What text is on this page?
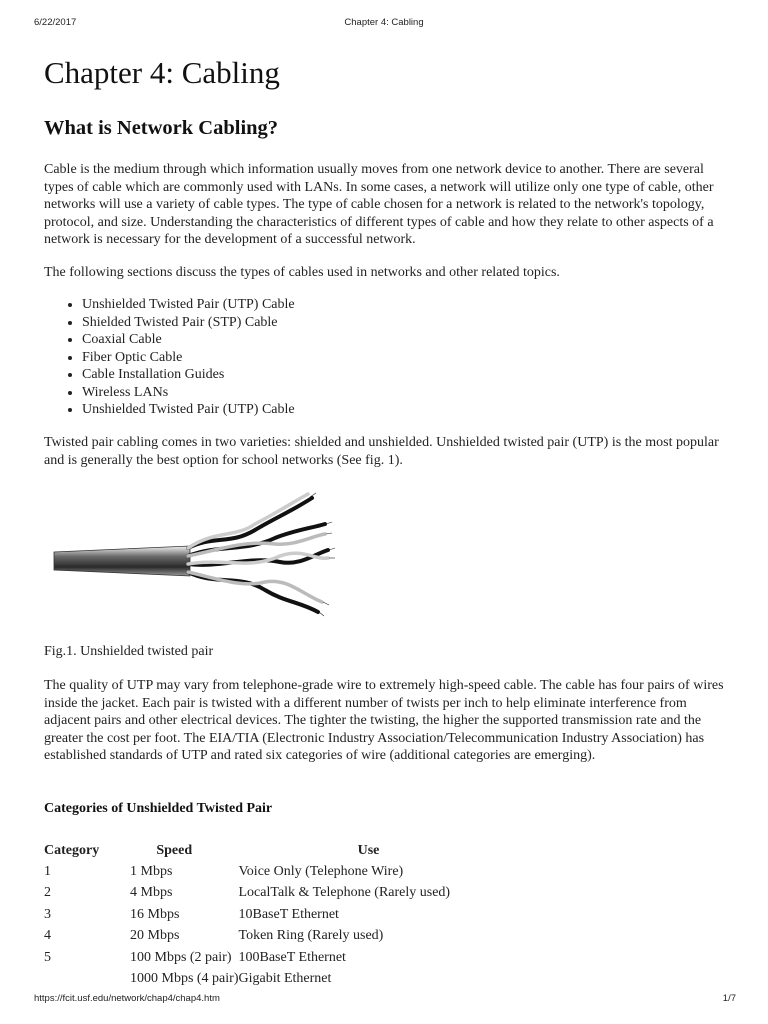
6/22/2017	Chapter 4: Cabling
Chapter 4: Cabling
What is Network Cabling?

Cable is the medium through which information usually moves from one network device to another. There are several types of cable which are commonly used with LANs. In some cases, a network will utilize only one type of cable, other networks will use a variety of cable types. The type of cable chosen for a network is related to the network's topology, protocol, and size. Understanding the characteristics of different types of cable and how they relate to other aspects of a network is necessary for the development of a successful network.

The following sections discuss the types of cables used in networks and other related topics.

• Unshielded Twisted Pair (UTP) Cable
• Shielded Twisted Pair (STP) Cable
• Coaxial Cable
• Fiber Optic Cable
• Cable Installation Guides
• Wireless LANs
• Unshielded Twisted Pair (UTP) Cable

Twisted pair cabling comes in two varieties: shielded and unshielded. Unshielded twisted pair (UTP) is the most popular and is generally the best option for school networks (See fig. 1).

Fig.1. Unshielded twisted pair

The quality of UTP may vary from telephone-grade wire to extremely high-speed cable. The cable has four pairs of wires inside the jacket. Each pair is twisted with a different number of twists per inch to help eliminate interference from adjacent pairs and other electrical devices. The tighter the twisting, the higher the supported transmission rate and the greater the cost per foot. The EIA/TIA (Electronic Industry Association/Telecommunication Industry Association) has established standards of UTP and rated six categories of wire (additional categories are emerging).

Categories of Unshielded Twisted Pair

Category	Speed	Use
1	1 Mbps	Voice Only (Telephone Wire)
2	4 Mbps	LocalTalk & Telephone (Rarely used)
3	16 Mbps	10BaseT Ethernet
4	20 Mbps	Token Ring (Rarely used)
5	100 Mbps (2 pair)	100BaseT Ethernet
	1000 Mbps (4 pair)	Gigabit Ethernet
https://fcit.usf.edu/network/chap4/chap4.htm	1/7
